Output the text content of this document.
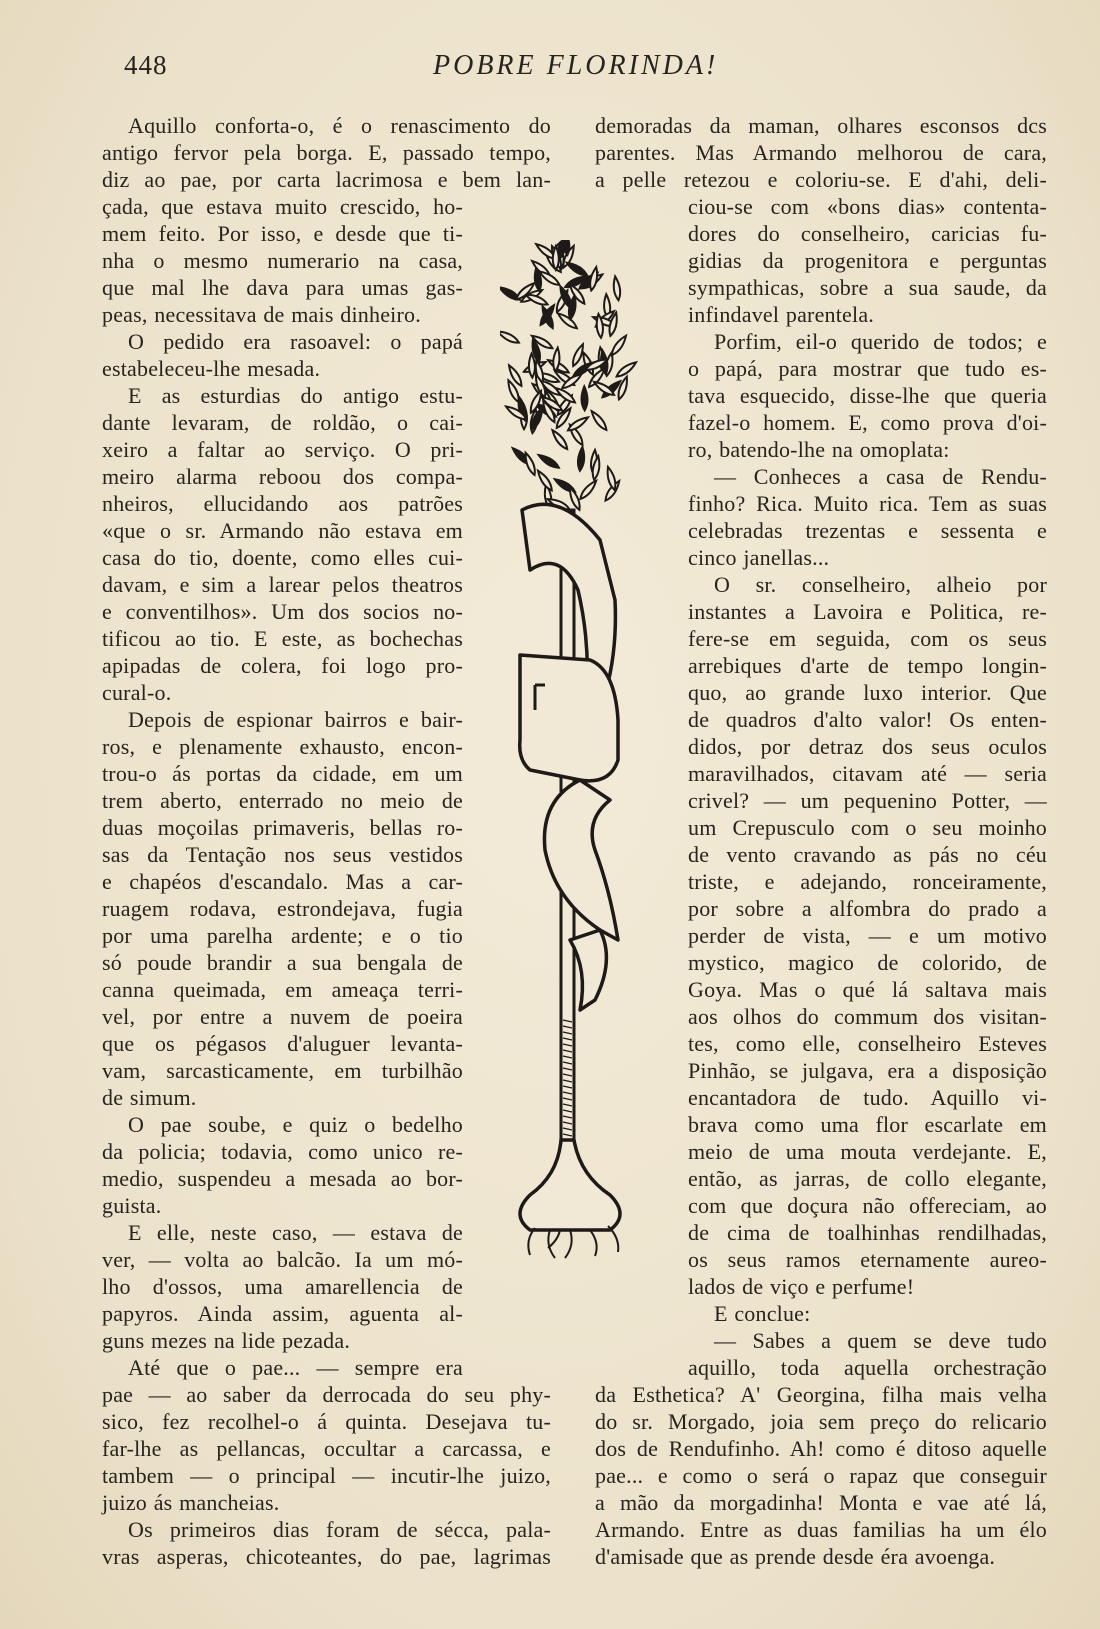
448	POBRE FLORINDA!
Aquillo conforta-o, é o renascimento do
antigo fervor pela borga. E, passado tempo,
diz ao pae, por carta lacrimosa e bem lan-
çada, que estava muito crescido, ho-
mem feito. Por isso, e desde que ti-
nha o mesmo numerario na casa,
que mal lhe dava para umas gas-
peas, necessitava de mais dinheiro.
O pedido era rasoavel: o papá
estabeleceu-lhe mesada.
E as esturdias do antigo estu-
dante levaram, de roldão, o cai-
xeiro a faltar ao serviço. O pri-
meiro alarma reboou dos compa-
nheiros, ellucidando aos patrões
«que o sr. Armando não estava em
casa do tio, doente, como elles cui-
davam, e sim a larear pelos theatros
e conventilhos». Um dos socios no-
tificou ao tio. E este, as bochechas
apipadas de colera, foi logo pro-
cural-o.
Depois de espionar bairros e bair-
ros, e plenamente exhausto, encon-
trou-o ás portas da cidade, em um
trem aberto, enterrado no meio de
duas moçoilas primaveris, bellas ro-
sas da Tentação nos seus vestidos
e chapéos d'escandalo. Mas a car-
ruagem rodava, estrondejava, fugia
por uma parelha ardente; e o tio
só poude brandir a sua bengala de
canna queimada, em ameaça terri-
vel, por entre a nuvem de poeira
que os pégasos d'aluguer levanta-
vam, sarcasticamente, em turbilhão
de simum.
O pae soube, e quiz o bedelho
da policia; todavia, como unico re-
medio, suspendeu a mesada ao bor-
guista.
E elle, neste caso, — estava de
ver, — volta ao balcão. Ia um mó-
lho d'ossos, uma amarellencia de
papyros. Ainda assim, aguenta al-
guns mezes na lide pezada.
Até que o pae... — sempre era
pae — ao saber da derrocada do seu phy-
sico, fez recolhel-o á quinta. Desejava tu-
far-lhe as pellancas, occultar a carcassa, e
tambem — o principal — incutir-lhe juizo,
juizo ás mancheias.
Os primeiros dias foram de sécca, pala-
vras asperas, chicoteantes, do pae, lagrimas
demoradas da maman, olhares esconsos dcs
parentes. Mas Armando melhorou de cara,
a pelle retezou e coloriu-se. E d'ahi, deli-
ciou-se com «bons dias» contenta-
dores do conselheiro, caricias fu-
gidias da progenitora e perguntas
sympathicas, sobre a sua saude, da
infindavel parentela.
Porfim, eil-o querido de todos; e
o papá, para mostrar que tudo es-
tava esquecido, disse-lhe que queria
fazel-o homem. E, como prova d'oi-
ro, batendo-lhe na omoplata:
— Conheces a casa de Rendu-
finho? Rica. Muito rica. Tem as suas
celebradas trezentas e sessenta e
cinco janellas...
O sr. conselheiro, alheio por
instantes a Lavoira e Politica, re-
fere-se em seguida, com os seus
arrebiques d'arte de tempo longin-
quo, ao grande luxo interior. Que
de quadros d'alto valor! Os enten-
didos, por detraz dos seus oculos
maravilhados, citavam até — seria
crivel? — um pequenino Potter, —
um Crepusculo com o seu moinho
de vento cravando as pás no céu
triste, e adejando, ronceiramente,
por sobre a alfombra do prado a
perder de vista, — e um motivo
mystico, magico de colorido, de
Goya. Mas o qué lá saltava mais
aos olhos do commum dos visitan-
tes, como elle, conselheiro Esteves
Pinhão, se julgava, era a disposição
encantadora de tudo. Aquillo vi-
brava como uma flor escarlate em
meio de uma mouta verdejante. E,
então, as jarras, de collo elegante,
com que doçura não offereciam, ao
de cima de toalhinhas rendilhadas,
os seus ramos eternamente aureo-
lados de viço e perfume!
E conclue:
— Sabes a quem se deve tudo
aquillo, toda aquella orchestração
da Esthetica? A' Georgina, filha mais velha
do sr. Morgado, joia sem preço do relicario
dos de Rendufinho. Ah! como é ditoso aquelle
pae... e como o será o rapaz que conseguir
a mão da morgadinha! Monta e vae até lá,
Armando. Entre as duas familias ha um élo
d'amisade que as prende desde éra avoenga.
